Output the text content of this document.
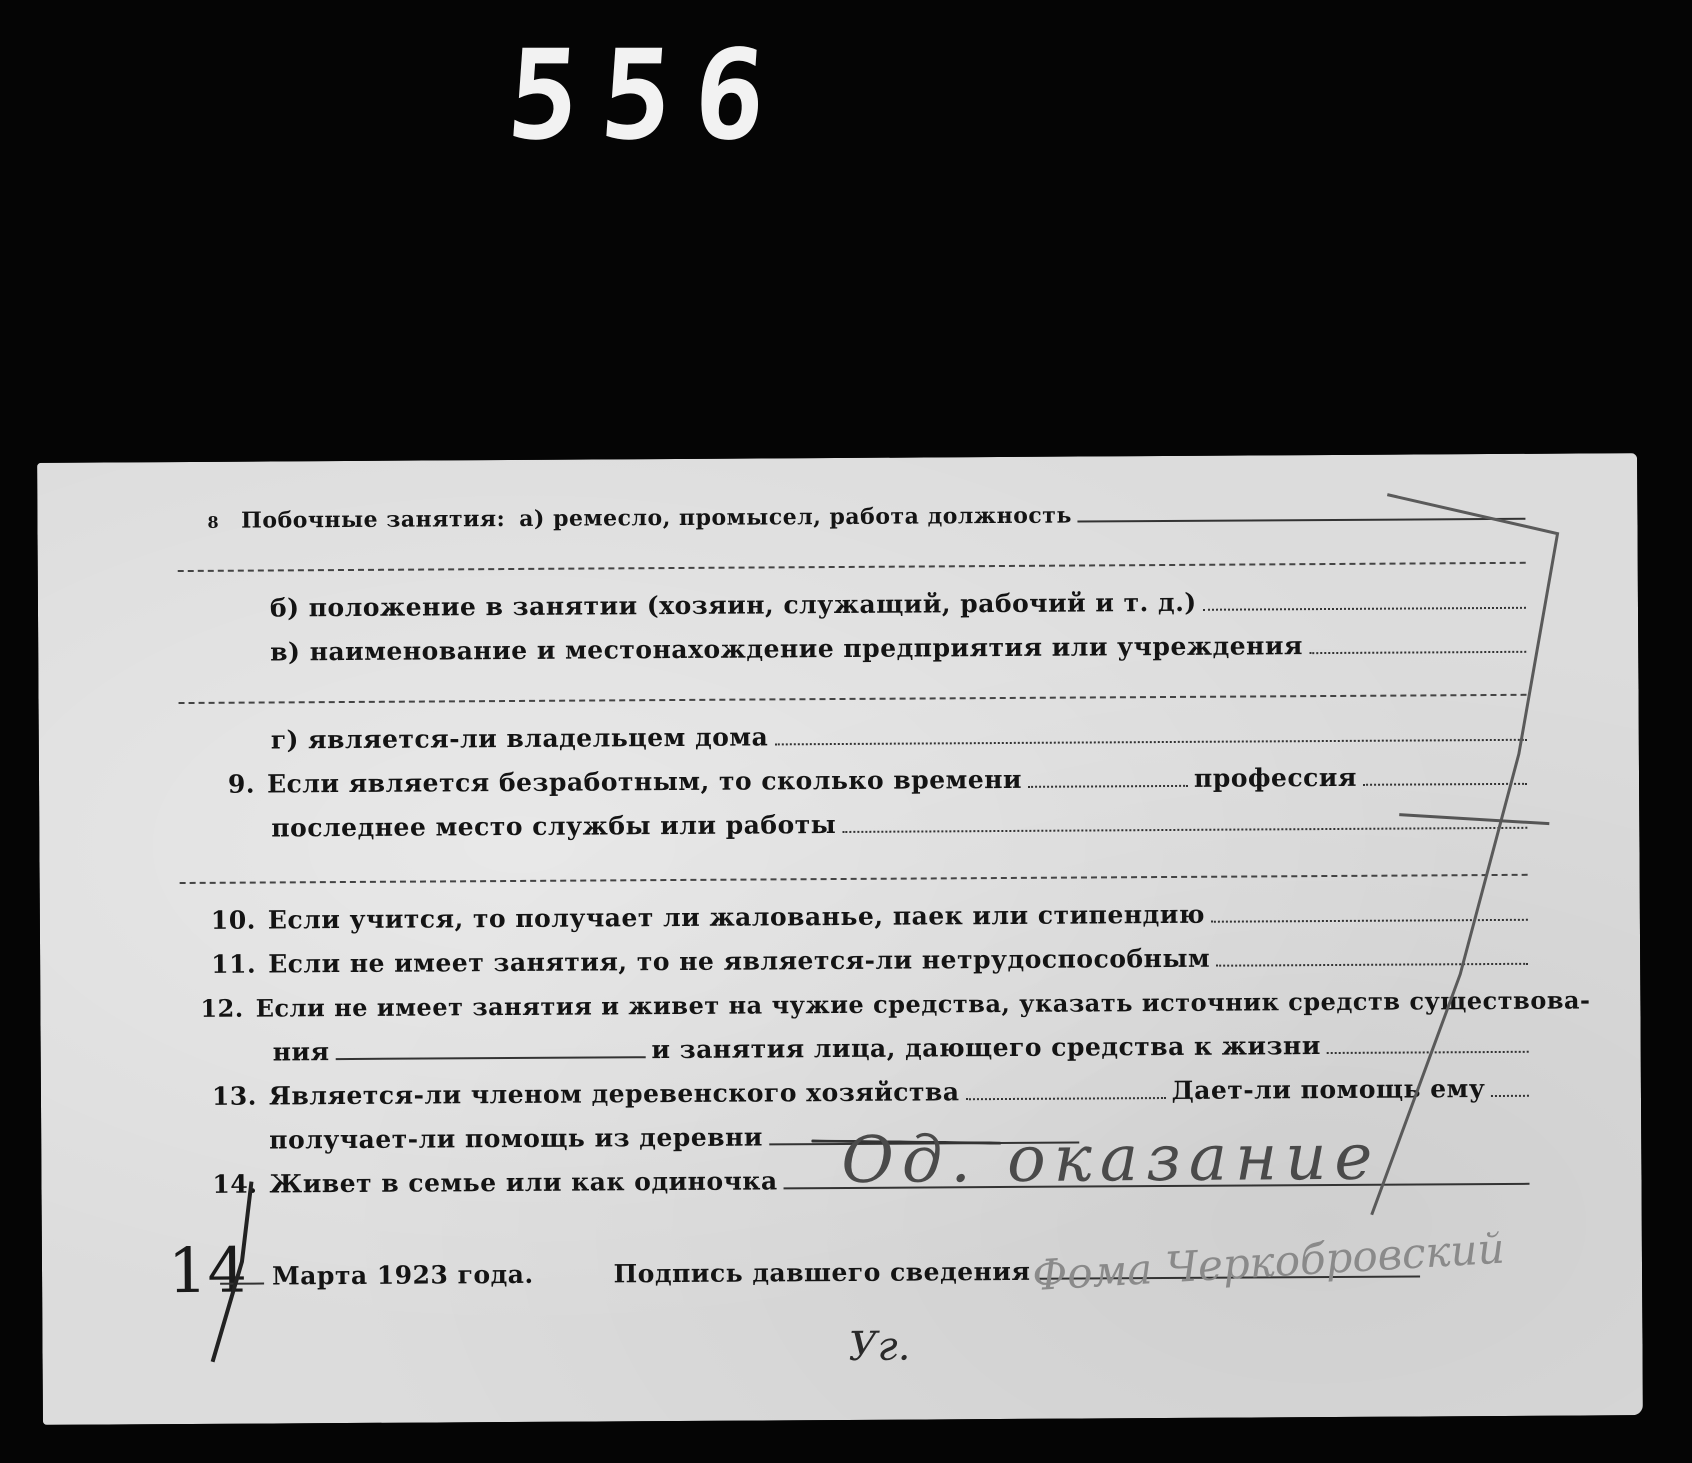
556
8 Побочные занятия: а) ремесло, промысел, работа должность
б) положение в занятии (хозяин, служащий, рабочий и т. д.)
в) наименование и местонахождение предприятия или учреждения
г) является-ли владельцем дома
9. Если является безработным, то сколько времени	профессия
последнее место службы или работы
10. Если учится, то получает ли жалованье, паек или стипендию
11. Если не имеет занятия, то не является-ли нетрудоспособным
12. Если не имеет занятия и живет на чужие средства, указать источник средств существова-
ния	и занятия лица, дающего средства к жизни
13. Является-ли членом деревенского хозяйства	Дает-ли помощь ему
получает-ли помощь из деревни
14. Живет в семье или как одиночка
14 Марта 1923 года.	Подпись давшего сведения
Од. оказание
Фома Черкобровский
Уг.
